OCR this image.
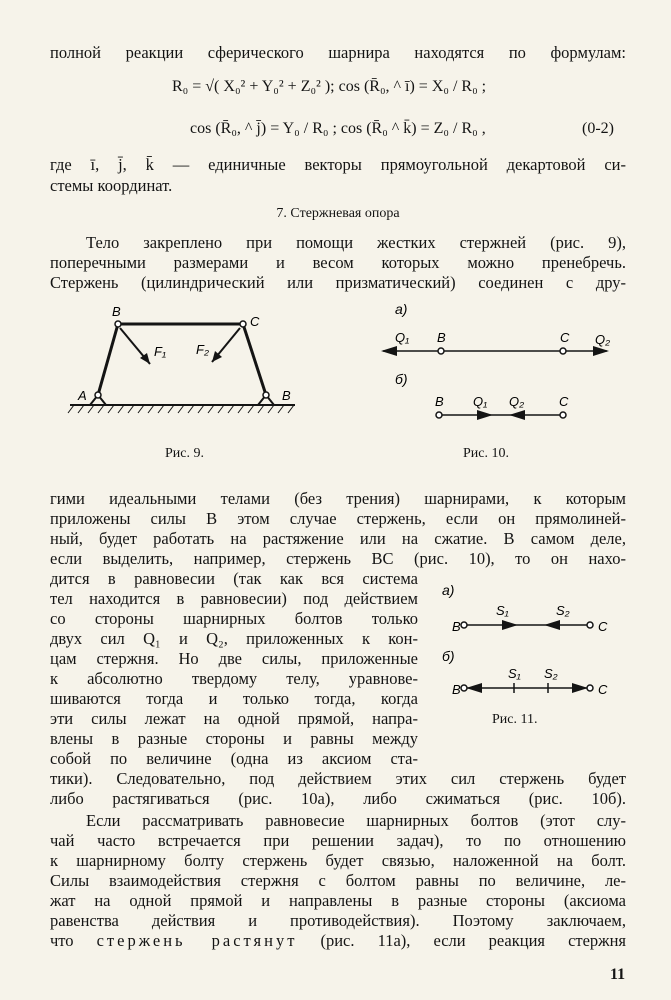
полной реакции сферического шарнира находятся по формулам:
R₀ = √( X₀² + Y₀² + Z₀² ); cos (R̄₀, ^ ī) = X₀ / R₀ ;
cos (R̄₀, ^ j̄) = Y₀ / R₀ ; cos (R̄₀ ^ k̄) = Z₀ / R₀ ,	(0-2)
где ī, j̄, k̄ — единичные векторы прямоугольной декартовой си-
стемы координат.
7. Стержневая опора
Тело закреплено при помощи жестких стержней (рис. 9),
поперечными размерами и весом которых можно пренебречь.
Стержень (цилиндрический или призматический) соединен с дру-
B
C
A	B
F₁ F₂
Рис. 9.
а)
Q₁ B	C Q₂
б)
B Q₁ Q₂	C
Рис. 10.
гими идеальными телами (без трения) шарнирами, к которым
приложены силы В этом случае стержень, если он прямолиней-
ный, будет работать на растяжение или на сжатие. В самом деле,
если выделить, например, стержень BC (рис. 10), то он нахо-
дится в равновесии (так как вся система
тел находится в равновесии) под действием
со стороны шарнирных болтов только
двух сил Q₁ и Q₂, приложенных к кон-
цам стержня. Но две силы, приложенные
к абсолютно твердому телу, уравнове-
шиваются тогда и только тогда, когда
эти силы лежат на одной прямой, напра-
влены в разные стороны и равны между
собой по величине (одна из аксиом ста-
тики). Следовательно, под действием этих сил стержень будет
либо растягиваться (рис. 10а), либо сжиматься (рис. 10б).
а)
B
S₁	S₂
C
б)
B
S₁ S₂
C
Рис. 11.
Если рассматривать равновесие шарнирных болтов (этот слу-
чай часто встречается при решении задач), то по отношению
к шарнирному болту стержень будет связью, наложенной на болт.
Силы взаимодействия стержня с болтом равны по величине, ле-
жат на одной прямой и направлены в разные стороны (аксиома
равенства действия и противодействия). Поэтому заключаем,
что стержень растянут (рис. 11а), если реакция стержня
11
